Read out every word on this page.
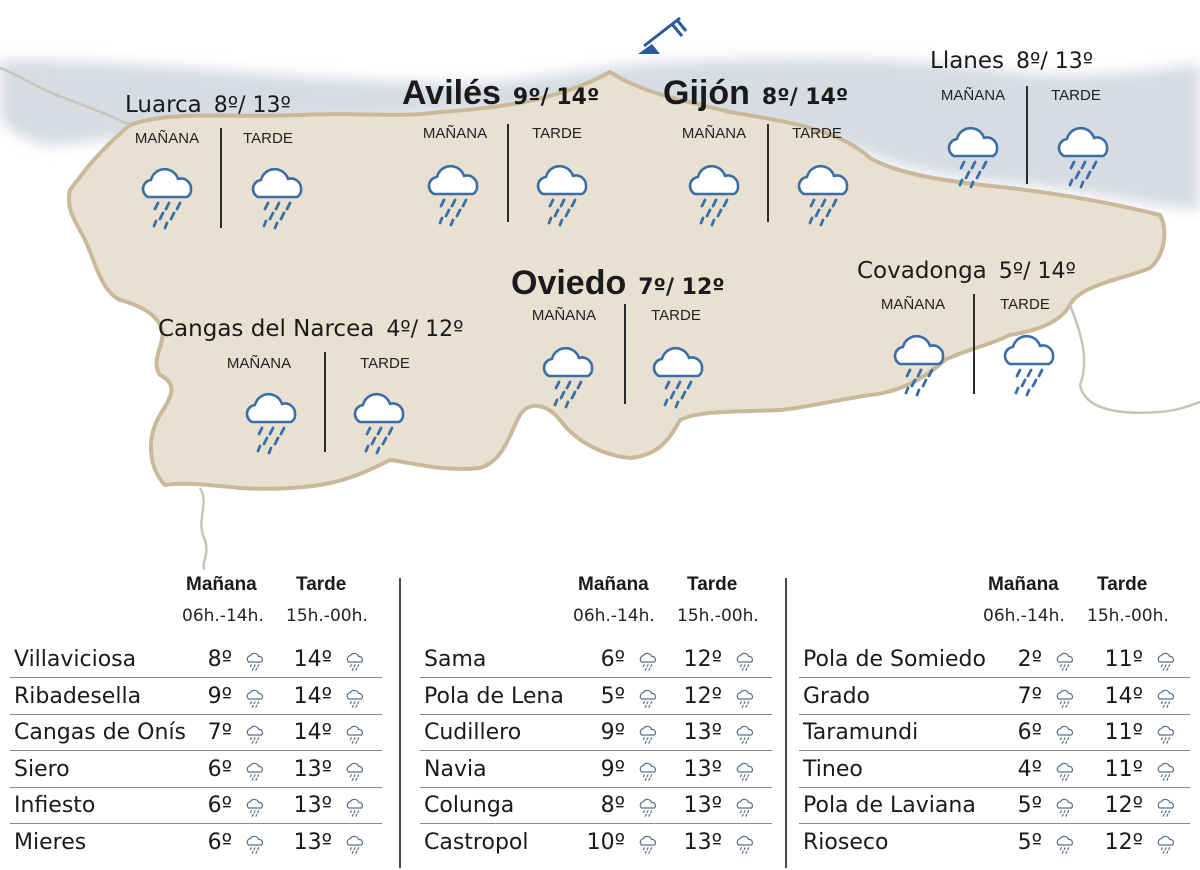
Luarca 8º/ 13º	Avilés 9º/ 14º Gijón 8º/ 14º
Llanes 8º/ 13º
Oviedo 7º/ 12º
Covadonga 5º/ 14º
Cangas del Narcea 4º/ 12º
MAÑANA	TARDE	MAÑANA	TARDE	MAÑANA	TARDE
MAÑANA	TARDE
MAÑANA	TARDE
MAÑANA	TARDE
MAÑANA	TARDE
Mañana Tarde
06h.-14h. 15h.-00h.
Villaviciosa	8º	14º
Ribadesella	9º	14º
Cangas de Onís 7º	14º
Siero	6º	13º
Infiesto	6º	13º
Mieres	6º	13º
Mañana Tarde
06h.-14h. 15h.-00h.
Sama	6º	12º
Pola de Lena	5º	12º
Cudillero	9º	13º
Navia	9º	13º
Colunga	8º	13º
Castropol	10º	13º
Mañana Tarde
06h.-14h. 15h.-00h.
Pola de Somiedo	2º	11º
Grado	7º	14º
Taramundi	6º	11º
Tineo	4º	11º
Pola de Laviana	5º	12º
Rioseco	5º	12º
